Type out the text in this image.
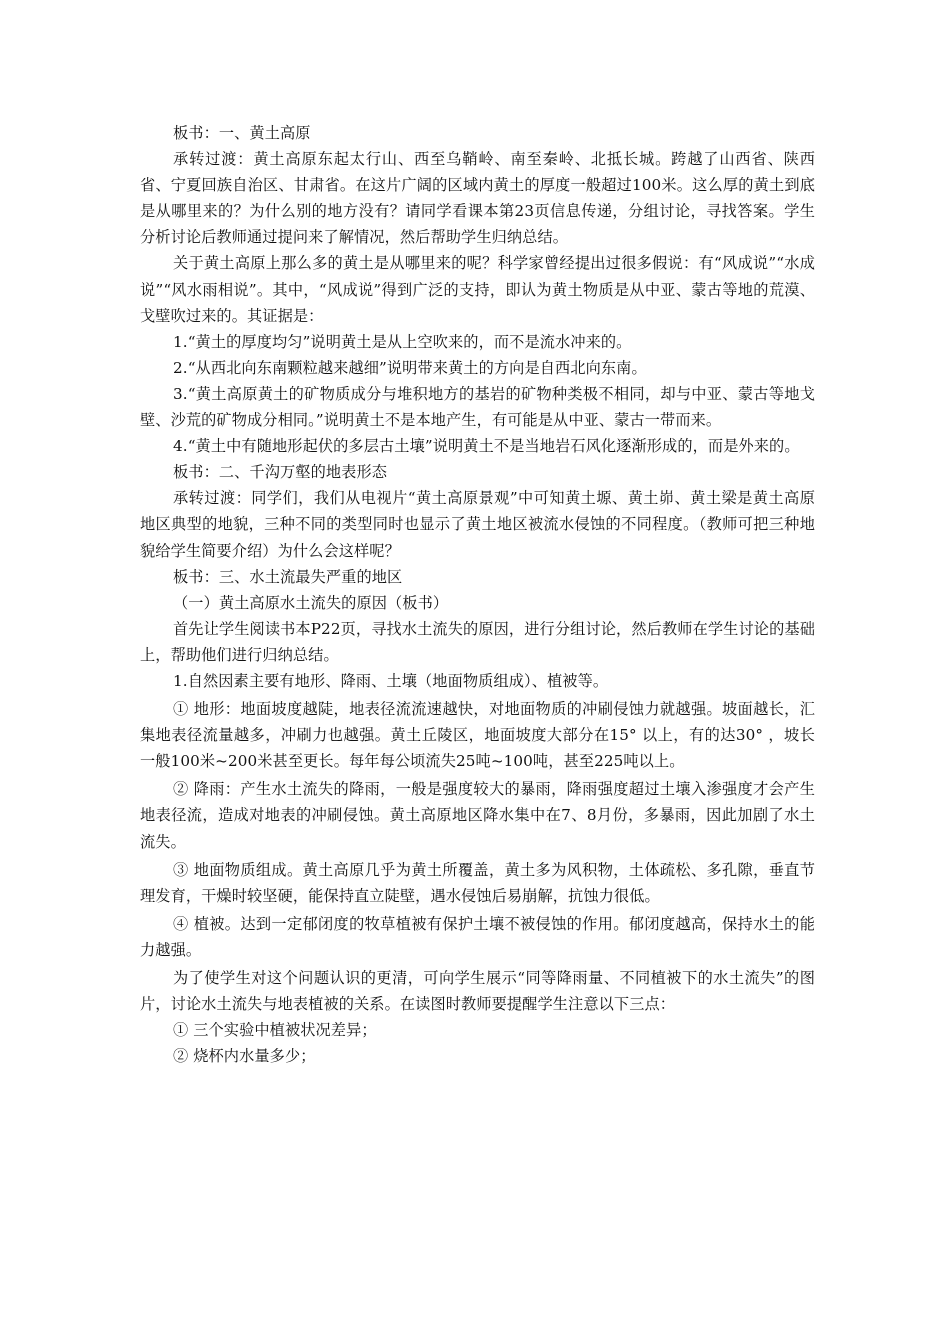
板书：一、黄土高原

承转过渡：黄土高原东起太行山、西至乌鞘岭、南至秦岭、北抵长城。跨越了山西省、陕西省、宁夏回族自治区、甘肃省。在这片广阔的区域内黄土的厚度一般超过100米。这么厚的黄土到底是从哪里来的？为什么别的地方没有？请同学看课本第23页信息传递，分组讨论，寻找答案。学生分析讨论后教师通过提问来了解情况，然后帮助学生归纳总结。

关于黄土高原上那么多的黄土是从哪里来的呢？科学家曾经提出过很多假说：有“风成说”“水成说”“风水雨相说”。其中，“风成说”得到广泛的支持，即认为黄土物质是从中亚、蒙古等地的荒漠、戈壁吹过来的。其证据是：

1.“黄土的厚度均匀”说明黄土是从上空吹来的，而不是流水冲来的。

2.“从西北向东南颗粒越来越细”说明带来黄土的方向是自西北向东南。

3.“黄土高原黄土的矿物质成分与堆积地方的基岩的矿物种类极不相同，却与中亚、蒙古等地戈壁、沙荒的矿物成分相同。”说明黄土不是本地产生，有可能是从中亚、蒙古一带而来。

4.“黄土中有随地形起伏的多层古土壤”说明黄土不是当地岩石风化逐渐形成的，而是外来的。

板书：二、千沟万壑的地表形态

承转过渡：同学们，我们从电视片“黄土高原景观”中可知黄土塬、黄土峁、黄土梁是黄土高原地区典型的地貌，三种不同的类型同时也显示了黄土地区被流水侵蚀的不同程度。（教师可把三种地貌给学生简要介绍）为什么会这样呢？

板书：三、水土流最失严重的地区

（一）黄土高原水土流失的原因（板书）

首先让学生阅读书本P22页，寻找水土流失的原因，进行分组讨论，然后教师在学生讨论的基础上，帮助他们进行归纳总结。

1.自然因素主要有地形、降雨、土壤（地面物质组成）、植被等。

① 地形：地面坡度越陡，地表径流流速越快，对地面物质的冲刷侵蚀力就越强。坡面越长，汇集地表径流量越多，冲刷力也越强。黄土丘陵区，地面坡度大部分在15° 以上，有的达30° ，坡长一般100米~200米甚至更长。每年每公顷流失25吨~100吨，甚至225吨以上。

② 降雨：产生水土流失的降雨，一般是强度较大的暴雨，降雨强度超过土壤入渗强度才会产生地表径流，造成对地表的冲刷侵蚀。黄土高原地区降水集中在7、8月份，多暴雨，因此加剧了水土流失。

③ 地面物质组成。黄土高原几乎为黄土所覆盖，黄土多为风积物，土体疏松、多孔隙，垂直节理发育，干燥时较坚硬，能保持直立陡壁，遇水侵蚀后易崩解，抗蚀力很低。

④ 植被。达到一定郁闭度的牧草植被有保护土壤不被侵蚀的作用。郁闭度越高，保持水土的能力越强。

为了使学生对这个问题认识的更清，可向学生展示“同等降雨量、不同植被下的水土流失”的图片，讨论水土流失与地表植被的关系。在读图时教师要提醒学生注意以下三点：

① 三个实验中植被状况差异；

② 烧杯内水量多少；
